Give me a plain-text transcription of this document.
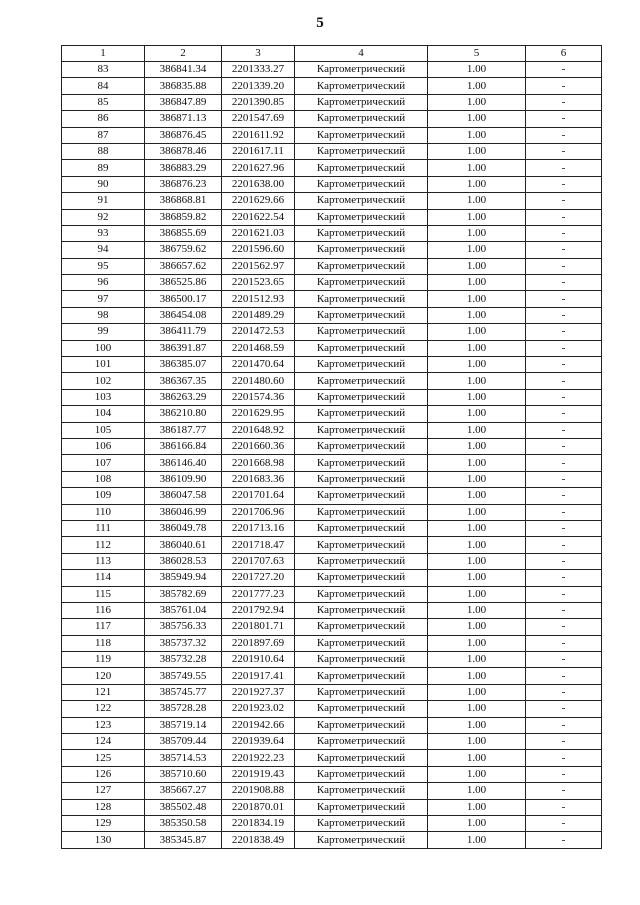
5
1	2	3	4	5	6
83	386841.34	2201333.27	Картометрический	1.00	-
84	386835.88	2201339.20	Картометрический	1.00	-
85	386847.89	2201390.85	Картометрический	1.00	-
86	386871.13	2201547.69	Картометрический	1.00	-
87	386876.45	2201611.92	Картометрический	1.00	-
88	386878.46	2201617.11	Картометрический	1.00	-
89	386883.29	2201627.96	Картометрический	1.00	-
90	386876.23	2201638.00	Картометрический	1.00	-
91	386868.81	2201629.66	Картометрический	1.00	-
92	386859.82	2201622.54	Картометрический	1.00	-
93	386855.69	2201621.03	Картометрический	1.00	-
94	386759.62	2201596.60	Картометрический	1.00	-
95	386657.62	2201562.97	Картометрический	1.00	-
96	386525.86	2201523.65	Картометрический	1.00	-
97	386500.17	2201512.93	Картометрический	1.00	-
98	386454.08	2201489.29	Картометрический	1.00	-
99	386411.79	2201472.53	Картометрический	1.00	-
100	386391.87	2201468.59	Картометрический	1.00	-
101	386385.07	2201470.64	Картометрический	1.00	-
102	386367.35	2201480.60	Картометрический	1.00	-
103	386263.29	2201574.36	Картометрический	1.00	-
104	386210.80	2201629.95	Картометрический	1.00	-
105	386187.77	2201648.92	Картометрический	1.00	-
106	386166.84	2201660.36	Картометрический	1.00	-
107	386146.40	2201668.98	Картометрический	1.00	-
108	386109.90	2201683.36	Картометрический	1.00	-
109	386047.58	2201701.64	Картометрический	1.00	-
110	386046.99	2201706.96	Картометрический	1.00	-
111	386049.78	2201713.16	Картометрический	1.00	-
112	386040.61	2201718.47	Картометрический	1.00	-
113	386028.53	2201707.63	Картометрический	1.00	-
114	385949.94	2201727.20	Картометрический	1.00	-
115	385782.69	2201777.23	Картометрический	1.00	-
116	385761.04	2201792.94	Картометрический	1.00	-
117	385756.33	2201801.71	Картометрический	1.00	-
118	385737.32	2201897.69	Картометрический	1.00	-
119	385732.28	2201910.64	Картометрический	1.00	-
120	385749.55	2201917.41	Картометрический	1.00	-
121	385745.77	2201927.37	Картометрический	1.00	-
122	385728.28	2201923.02	Картометрический	1.00	-
123	385719.14	2201942.66	Картометрический	1.00	-
124	385709.44	2201939.64	Картометрический	1.00	-
125	385714.53	2201922.23	Картометрический	1.00	-
126	385710.60	2201919.43	Картометрический	1.00	-
127	385667.27	2201908.88	Картометрический	1.00	-
128	385502.48	2201870.01	Картометрический	1.00	-
129	385350.58	2201834.19	Картометрический	1.00	-
130	385345.87	2201838.49	Картометрический	1.00	-
